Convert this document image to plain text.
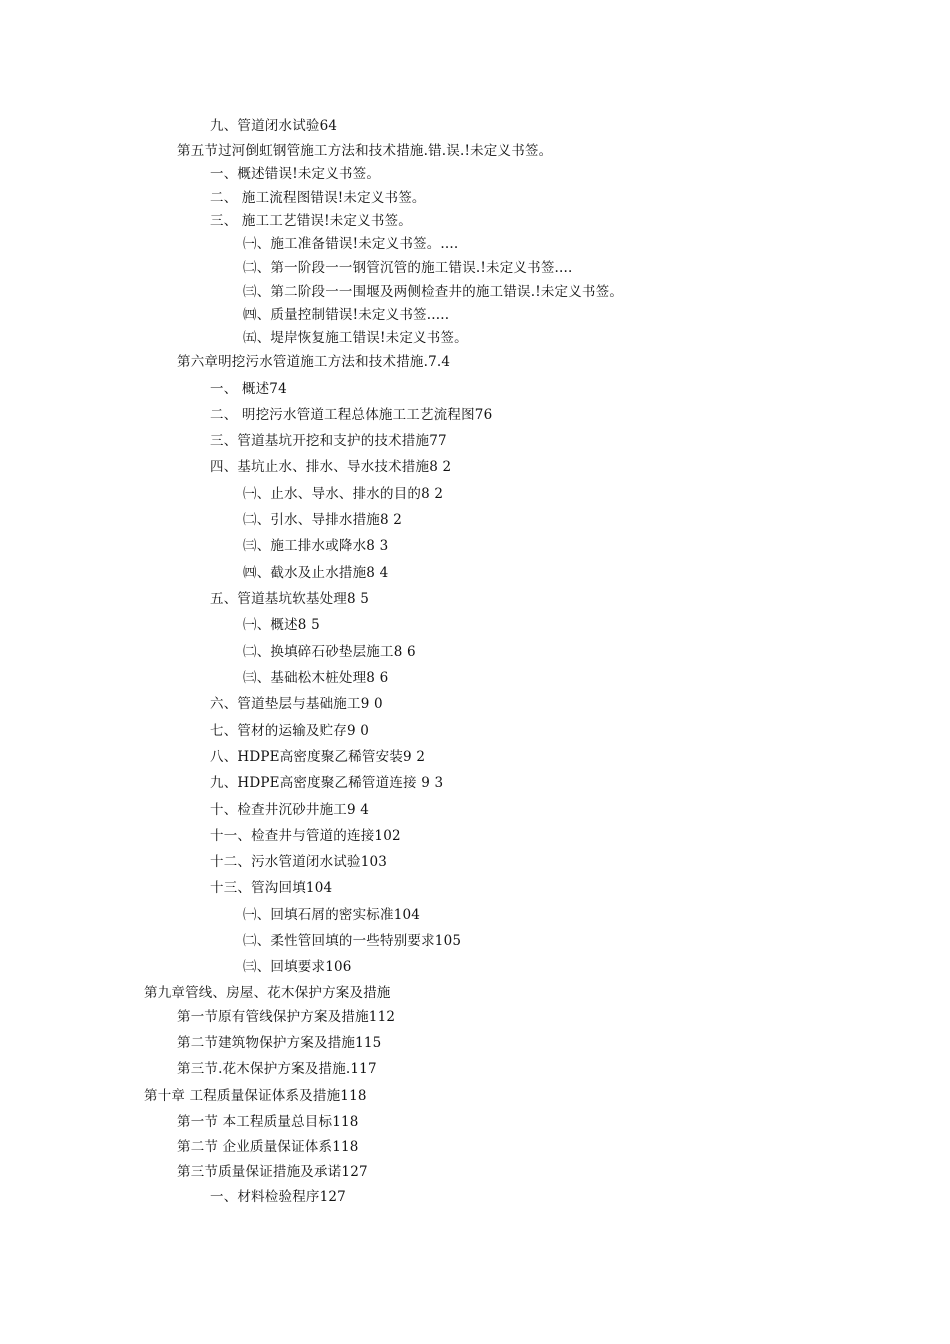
九、管道闭水试验64
第五节过河倒虹钢管施工方法和技术措施.错.误.!未定义书签。
一、概述错误!未定义书签。
二、 施工流程图错误!未定义书签。
三、 施工工艺错误!未定义书签。
㈠、施工准备错误!未定义书签。....
㈡、第一阶段一一钢管沉管的施工错误.!未定义书签....
㈢、第二阶段一一围堰及两侧检查井的施工错误.!未定义书签。
㈣、质量控制错误!未定义书签.....
㈤、堤岸恢复施工错误!未定义书签。
第六章明挖污水管道施工方法和技术措施.7.4
一、 概述74
二、 明挖污水管道工程总体施工工艺流程图76
三、管道基坑开挖和支护的技术措施77
四、基坑止水、排水、导水技术措施8 2
㈠、止水、导水、排水的目的8 2
㈡、引水、导排水措施8 2
㈢、施工排水或降水8 3
㈣、截水及止水措施8 4
五、管道基坑软基处理8 5
㈠、概述8 5
㈡、换填碎石砂垫层施工8 6
㈢、基础松木桩处理8 6
六、管道垫层与基础施工9 0
七、管材的运输及贮存9 0
八、HDPE高密度聚乙稀管安装9 2
九、HDPE高密度聚乙稀管道连接 9 3
十、检查井沉砂井施工9 4
十一、检查井与管道的连接102
十二、污水管道闭水试验103
十三、管沟回填104
㈠、回填石屑的密实标准104
㈡、柔性管回填的一些特别要求105
㈢、回填要求106
第九章管线、房屋、花木保护方案及措施
第一节原有管线保护方案及措施112
第二节建筑物保护方案及措施115
第三节.花木保护方案及措施.117
第十章 工程质量保证体系及措施118
第一节 本工程质量总目标118
第二节 企业质量保证体系118
第三节质量保证措施及承诺127
一、材料检验程序127
